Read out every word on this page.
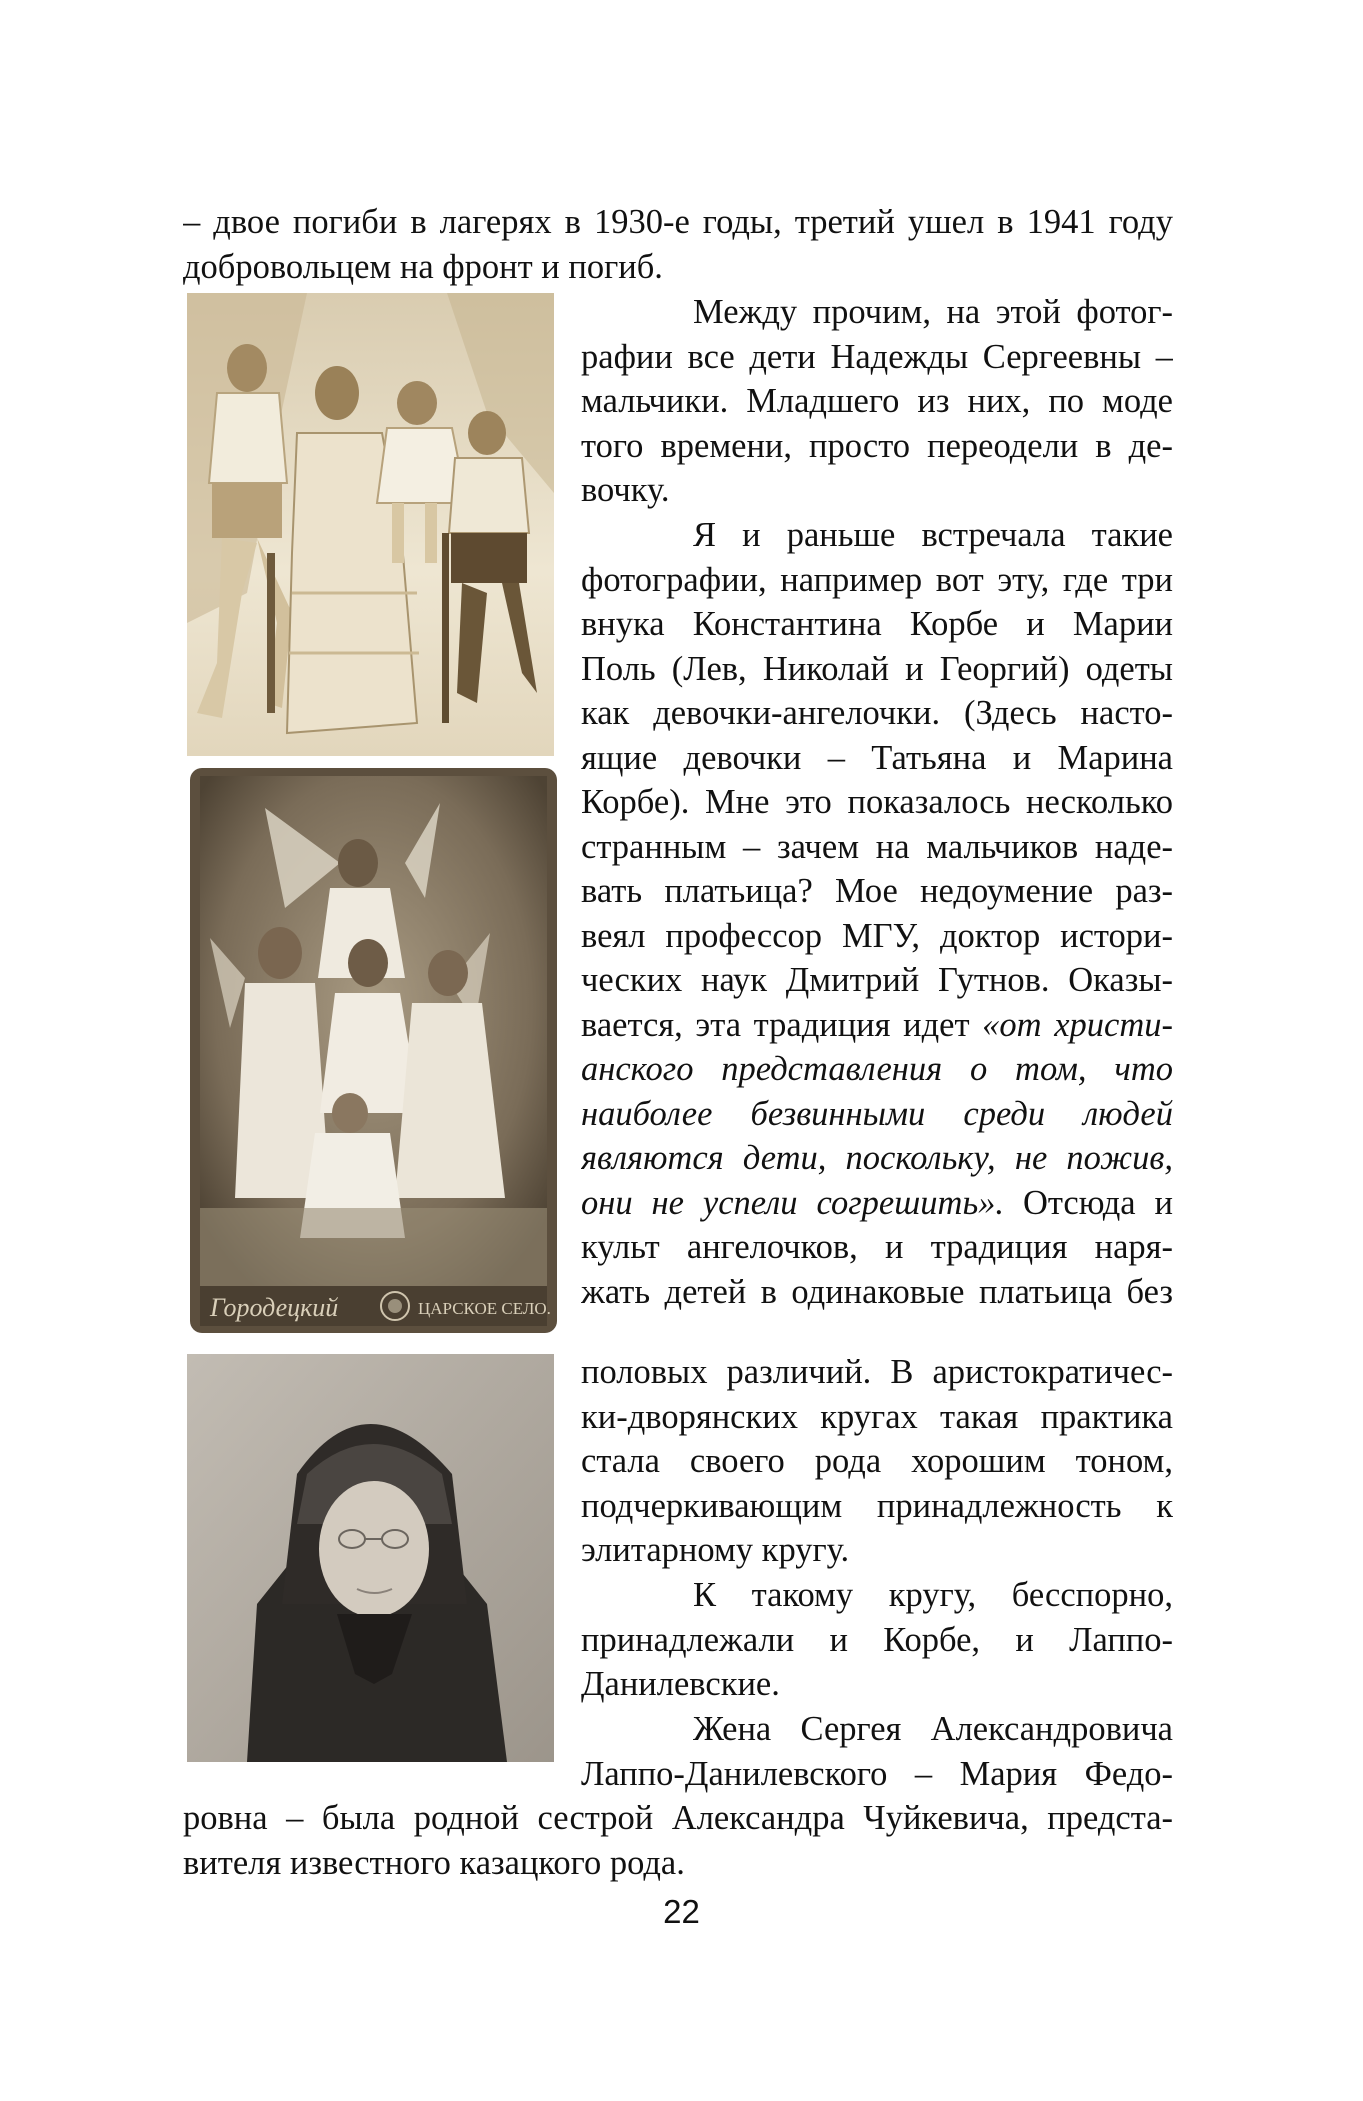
– двое погиби в лагерях в 1930-е годы, третий ушел в 1941 году
добровольцем на фронт и погиб.
Городецкий	ЦАРСКОЕ СЕЛО.
Между прочим, на этой фотог-
рафии все дети Надежды Сергеевны –
мальчики. Младшего из них, по моде
того времени, просто переодели в де-
вочку.
Я и раньше встречала такие
фотографии, например вот эту, где три
внука Константина Корбе и Марии
Поль (Лев, Николай и Георгий) одеты
как девочки-ангелочки. (Здесь насто-
ящие девочки – Татьяна и Марина
Корбе). Мне это показалось несколько
странным – зачем на мальчиков наде-
вать платьица? Мое недоумение раз-
веял профессор МГУ, доктор истори-
ческих наук Дмитрий Гутнов. Оказы-
вается, эта традиция идет «от христи-
анского представления о том, что
наиболее безвинными среди людей
являются дети, поскольку, не пожив,
они не успели согрешить». Отсюда и
культ ангелочков, и традиция наря-
жать детей в одинаковые платьица без
половых различий. В аристократичес-
ки-дворянских кругах такая практика
стала своего рода хорошим тоном,
подчеркивающим принадлежность к
элитарному кругу.
К такому кругу, бесспорно,
принадлежали и Корбе, и Лаппо-
Данилевские.
Жена Сергея Александровича
Лаппо-Данилевского – Мария Федо-
ровна – была родной сестрой Александра Чуйкевича, предста-
вителя известного казацкого рода.
22
